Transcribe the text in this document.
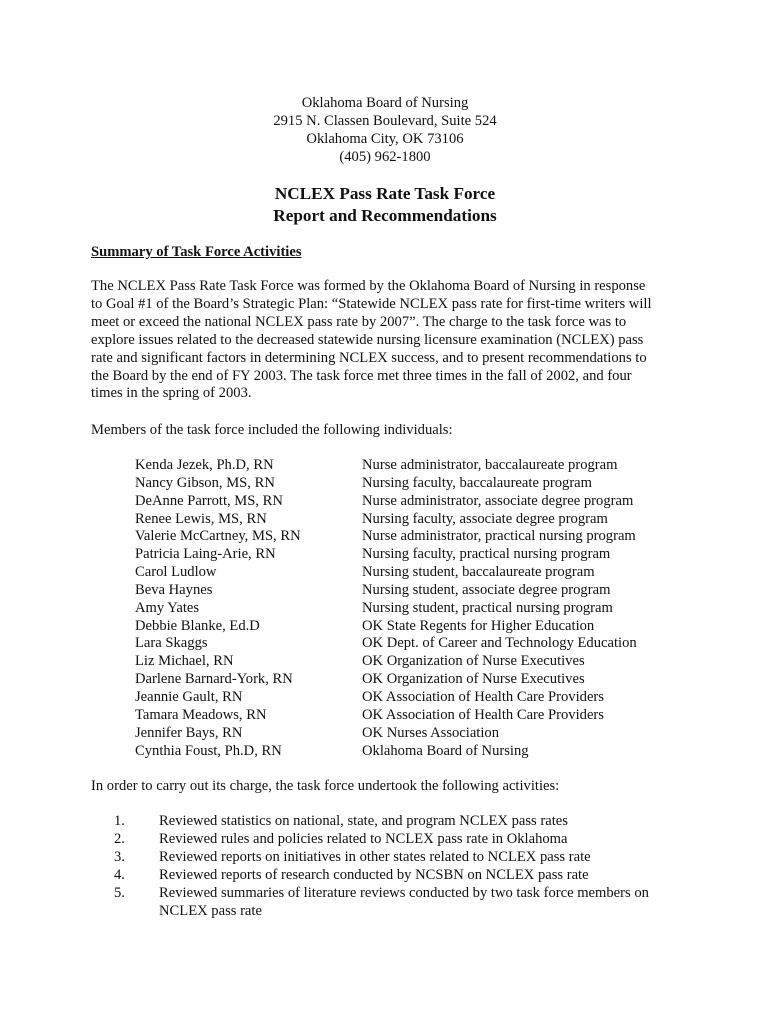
Oklahoma Board of Nursing
2915 N. Classen Boulevard, Suite 524
Oklahoma City, OK 73106
(405) 962-1800
NCLEX Pass Rate Task Force
Report and Recommendations
Summary of Task Force Activities
The NCLEX Pass Rate Task Force was formed by the Oklahoma Board of Nursing in response
to Goal #1 of the Board’s Strategic Plan: “Statewide NCLEX pass rate for first-time writers will
meet or exceed the national NCLEX pass rate by 2007”. The charge to the task force was to
explore issues related to the decreased statewide nursing licensure examination (NCLEX) pass
rate and significant factors in determining NCLEX success, and to present recommendations to
the Board by the end of FY 2003. The task force met three times in the fall of 2002, and four
times in the spring of 2003.
Members of the task force included the following individuals:
Kenda Jezek, Ph.D, RN	Nurse administrator, baccalaureate program
Nancy Gibson, MS, RN	Nursing faculty, baccalaureate program
DeAnne Parrott, MS, RN	Nurse administrator, associate degree program
Renee Lewis, MS, RN	Nursing faculty, associate degree program
Valerie McCartney, MS, RN	Nurse administrator, practical nursing program
Patricia Laing-Arie, RN	Nursing faculty, practical nursing program
Carol Ludlow	Nursing student, baccalaureate program
Beva Haynes	Nursing student, associate degree program
Amy Yates	Nursing student, practical nursing program
Debbie Blanke, Ed.D	OK State Regents for Higher Education
Lara Skaggs	OK Dept. of Career and Technology Education
Liz Michael, RN	OK Organization of Nurse Executives
Darlene Barnard-York, RN	OK Organization of Nurse Executives
Jeannie Gault, RN	OK Association of Health Care Providers
Tamara Meadows, RN	OK Association of Health Care Providers
Jennifer Bays, RN	OK Nurses Association
Cynthia Foust, Ph.D, RN	Oklahoma Board of Nursing
In order to carry out its charge, the task force undertook the following activities:
1.	Reviewed statistics on national, state, and program NCLEX pass rates
2.	Reviewed rules and policies related to NCLEX pass rate in Oklahoma
3.	Reviewed reports on initiatives in other states related to NCLEX pass rate
4.	Reviewed reports of research conducted by NCSBN on NCLEX pass rate
5.	Reviewed summaries of literature reviews conducted by two task force members on
NCLEX pass rate
